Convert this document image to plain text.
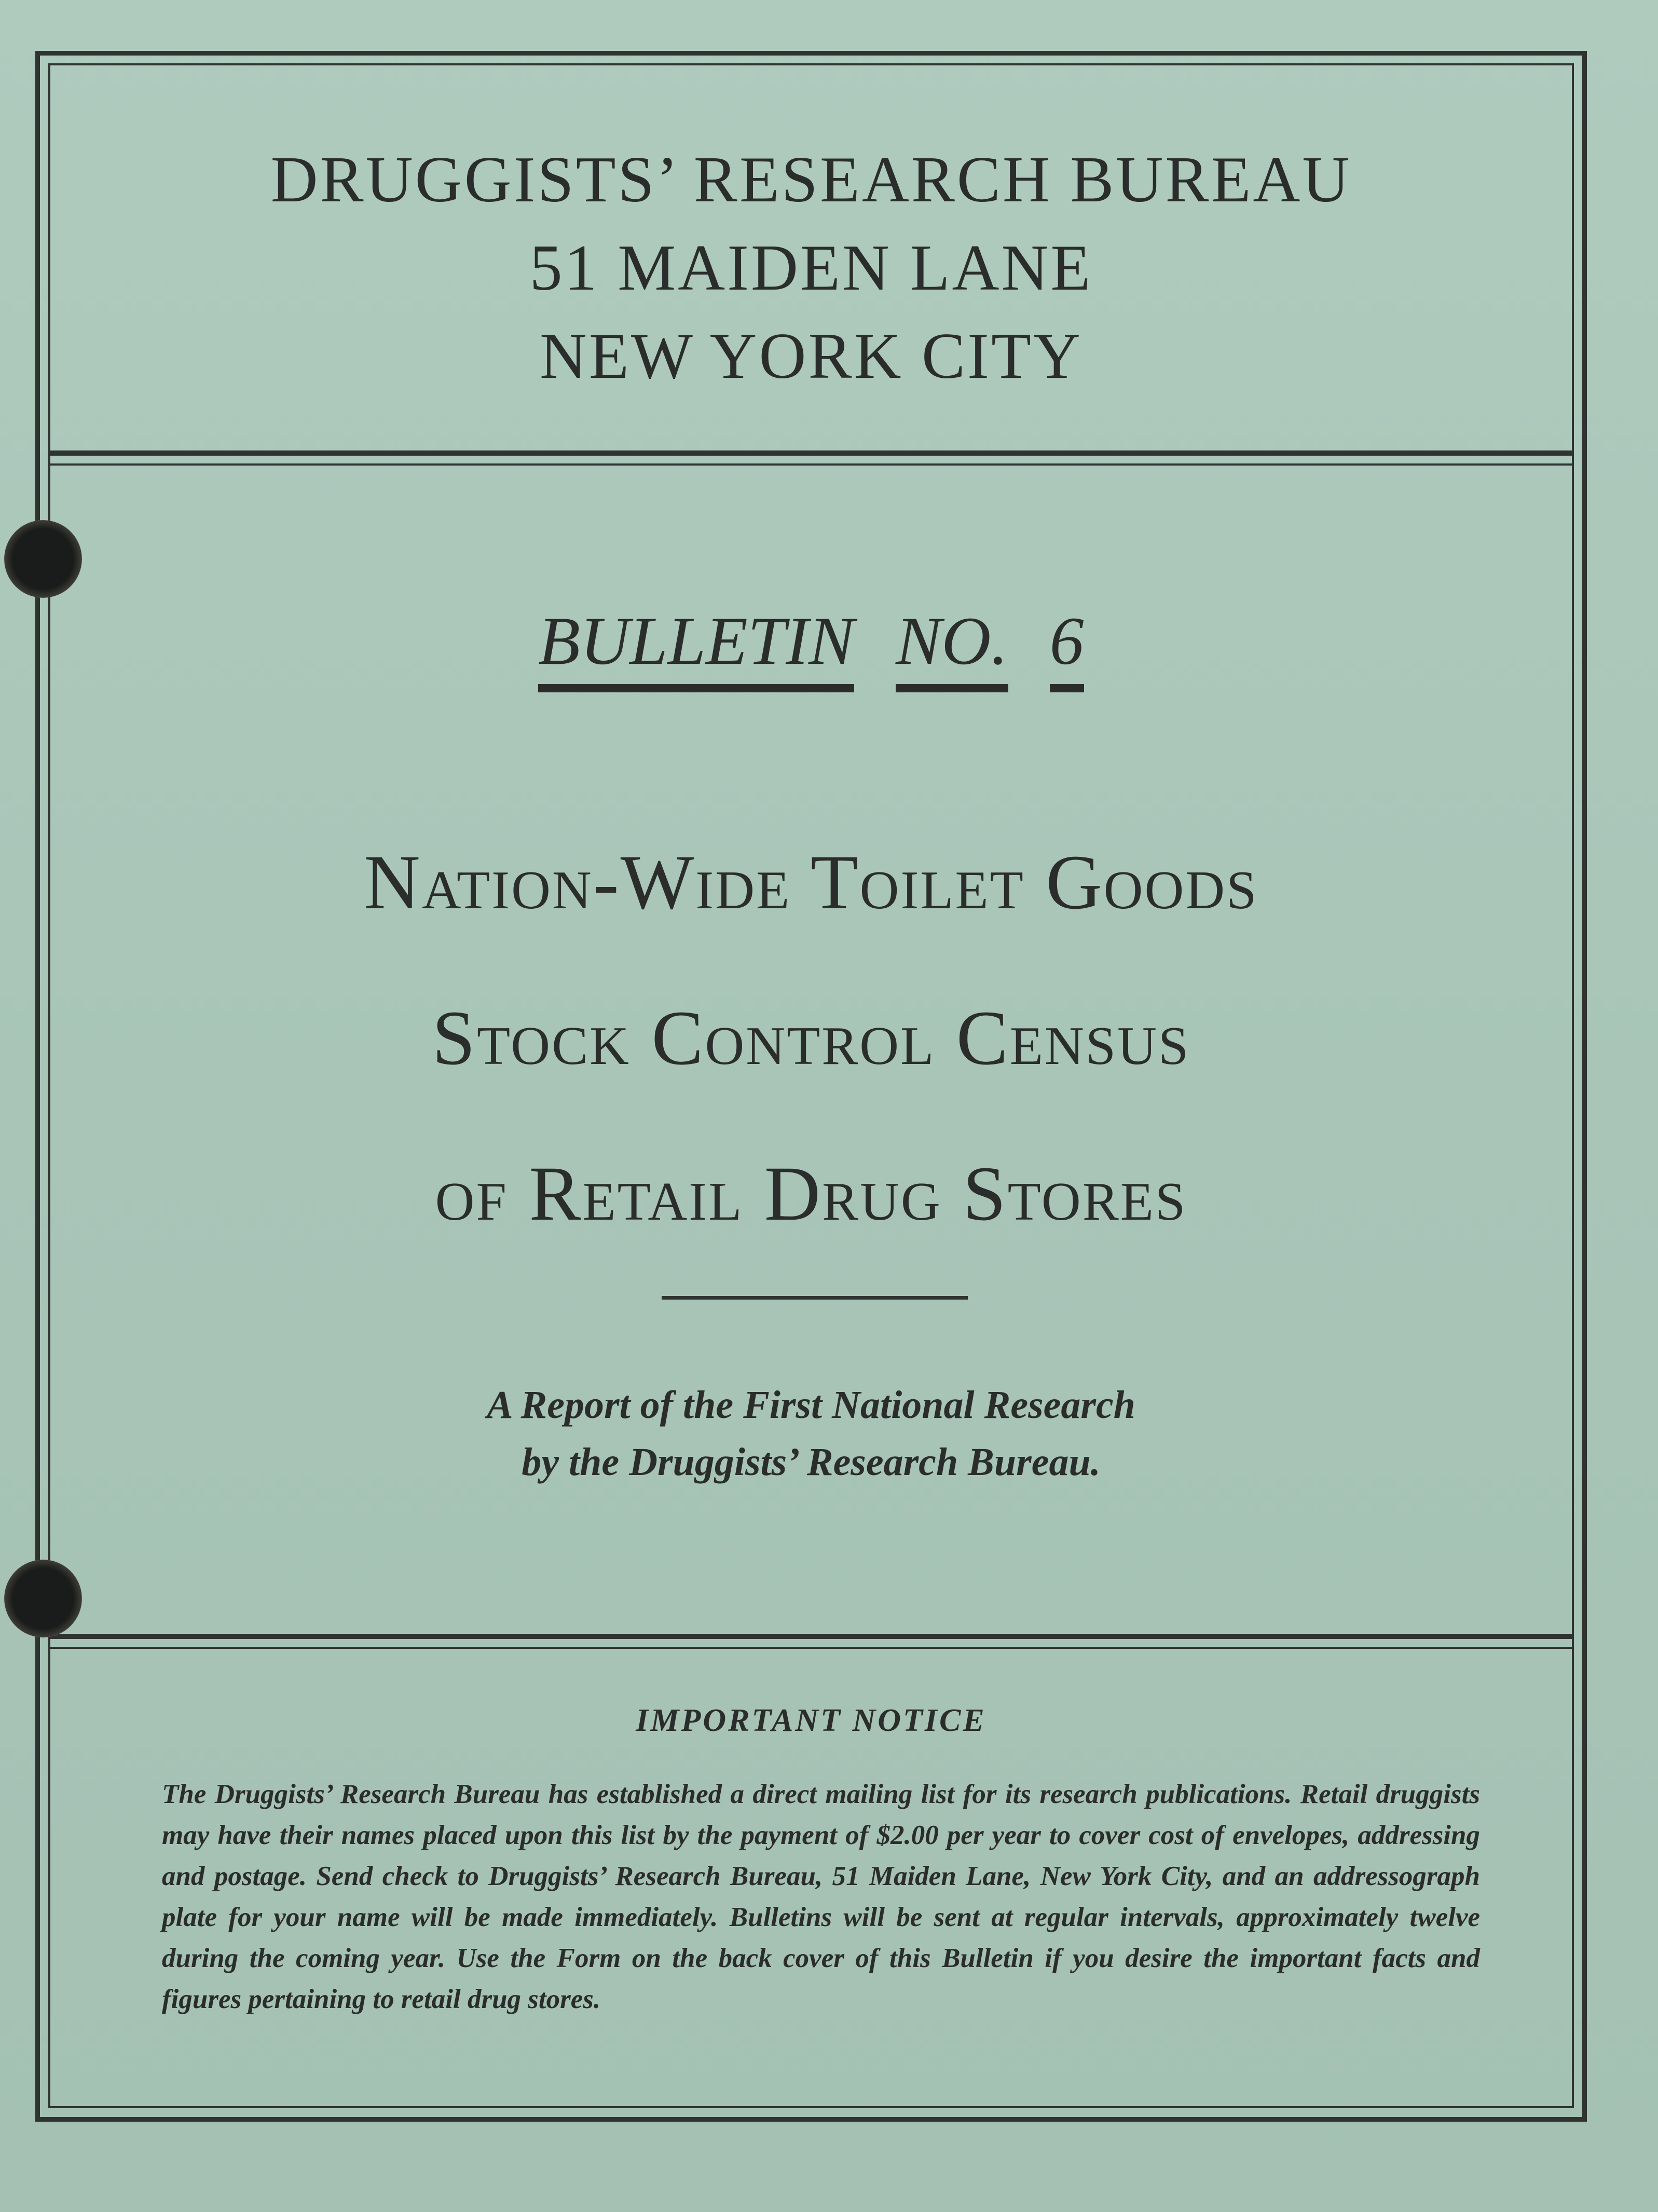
DRUGGISTS’ RESEARCH BUREAU
51 MAIDEN LANE
NEW YORK CITY
BULLETIN NO. 6
Nation-Wide Toilet Goods
Stock Control Census
of Retail Drug Stores
A Report of the First National Research
by the Druggists’ Research Bureau.
IMPORTANT NOTICE
The Druggists’ Research Bureau has established a direct mailing list for its research publications. Retail druggists may have their names placed upon this list by the payment of $2.00 per year to cover cost of envelopes, addressing and postage. Send check to Druggists’ Research Bureau, 51 Maiden Lane, New York City, and an addressograph plate for your name will be made immediately. Bulletins will be sent at regular intervals, approximately twelve during the coming year. Use the Form on the back cover of this Bulletin if you desire the important facts and figures pertaining to retail drug stores.
